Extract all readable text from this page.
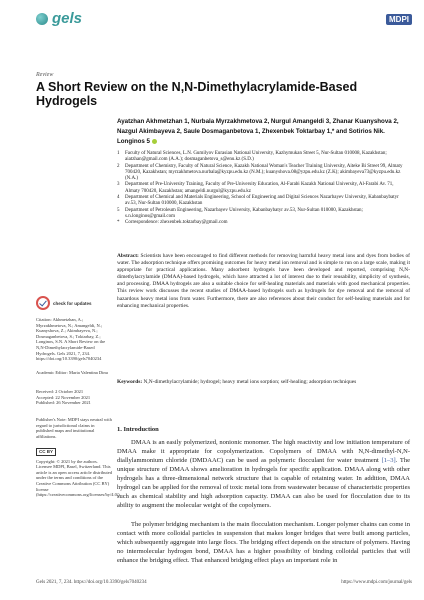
gels	MDPI
Review
A Short Review on the N,N-Dimethylacrylamide-Based Hydrogels
Ayatzhan Akhmetzhan 1, Nurbala Myrzakhmetova 2, Nurgul Amangeldi 3, Zhanar Kuanyshova 2,
Nazgul Akimbayeva 2, Saule Dosmaganbetova 1, Zhexenbek Toktarbay 1,* and Sotirios Nik. Longinos 5
1	Faculty of Natural Sciences, L.N. Gumilyov Eurasian National University, Kazhymukan Street 5, Nur-Sultan 010008, Kazakhstan; aiatzhan@gmail.com (A.A.); dosmaganbetova_s@enu.kz (S.D.)
2	Department of Chemistry, Faculty of Natural Science, Kazakh National Woman's Teacher Training University, Aiteke Bi Street 99, Almaty 700420, Kazakhstan; myrzakhmetova.nurbala@kyzpu.edu.kz (N.M.); kuanyshova.08@yzpu.edu.kz (Z.K); akimbayeva73@kyzpu.edu.kz (N.A.)
3	Department of Pre-University Training, Faculty of Pre-University Education, Al-Farabi Kazakh National University, Al-Farabi Av. 71, Almaty 700420, Kazakhstan; amangeldi.nurgul@kyzpu.edu.kz
4	Department of Chemical and Materials Engineering, School of Engineering and Digital Sciences Nazarbayev University, Kabanbaybatyr av.53, Nur-Sultan 010000, Kazakhstan
5	Department of Petroleum Engineering, Nazarbayev University, Kabanbaybatyr av.53, Nur-Sultan 010000, Kazakhstan; s.n.longinos@gmail.com
*	Correspondence: zhexenbek.toktarbay@gmail.com
check for updates
Citation: Akhmetzhan, A.; Myrzakhmetova, N.; Amangeldi, N.; Kuanyshova, Z.; Akimbayeva, N.; Dosmaganbetova, S.; Toktarbay, Z.; Longinos, S.N. A Short Review on the N,N-Dimethylacrylamide-Based Hydrogels. Gels 2021, 7, 234. https://doi.org/10.3390/gels7040234
Academic Editor: Maria Valentina Dinu
Received: 2 October 2021
Accepted: 22 November 2021
Published: 26 November 2021
Publisher's Note: MDPI stays neutral with regard to jurisdictional claims in published maps and institutional affiliations.
CC BY
Copyright: © 2021 by the authors. Licensee MDPI, Basel, Switzerland. This article is an open access article distributed under the terms and conditions of the Creative Commons Attribution (CC BY) license (https://creativecommons.org/licenses/by/4.0/).
Abstract: Scientists have been encouraged to find different methods for removing harmful heavy metal ions and dyes from bodies of water. The adsorption technique offers promising outcomes for heavy metal ion removal and is simple to run on a large scale, making it appropriate for practical applications. Many adsorbent hydrogels have been developed and reported, comprising N,N-dimethylacrylamide (DMAA)-based hydrogels, which have attracted a lot of interest due to their reusability, simplicity of synthesis, and processing. DMAA hydrogels are also a suitable choice for self-healing materials and materials with good mechanical properties. This review work discusses the recent studies of DMAA-based hydrogels such as hydrogels for dye removal and the removal of hazardous heavy metal ions from water. Furthermore, there are also references about their conduct for self-healing materials and for enhancing mechanical properties.
Keywords: N,N-dimethylacrylamide; hydrogel; heavy metal ions sorption; self-healing; adsorption techniques
1. Introduction
DMAA is an easily polymerized, nonionic monomer. The high reactivity and low initiation temperature of DMAA make it appropriate for copolymerization. Copolymers of DMAA with N,N-dimethyl-N,N-diallylammonium chloride (DMDAAC) can be used as polymeric flocculant for water treatment [1–3]. The unique structure of DMAA shows amelioration in hydrogels for specific application. DMAA along with other hydrogels has a three-dimensional network structure that is capable of retaining water. In addition, DMAA hydrogel can be applied for the removal of toxic metal ions from wastewater because of characteristic properties such as chemical stability and high adsorption capacity. DMAA can also be used for flocculation due to its ability to augment the molecular weight of the copolymers.
The polymer bridging mechanism is the main flocculation mechanism. Longer polymer chains can come in contact with more colloidal particles in suspension that makes longer bridges that were built among particles, which subsequently aggregate into large flocs. The bridging effect depends on the structure of polymers. Having no intermolecular hydrogen bond, DMAA has a higher possibility of binding colloidal particles that will enhance the bridging effect. That enhanced bridging effect plays an important role in
Gels 2021, 7, 234. https://doi.org/10.3390/gels7040234	https://www.mdpi.com/journal/gels
